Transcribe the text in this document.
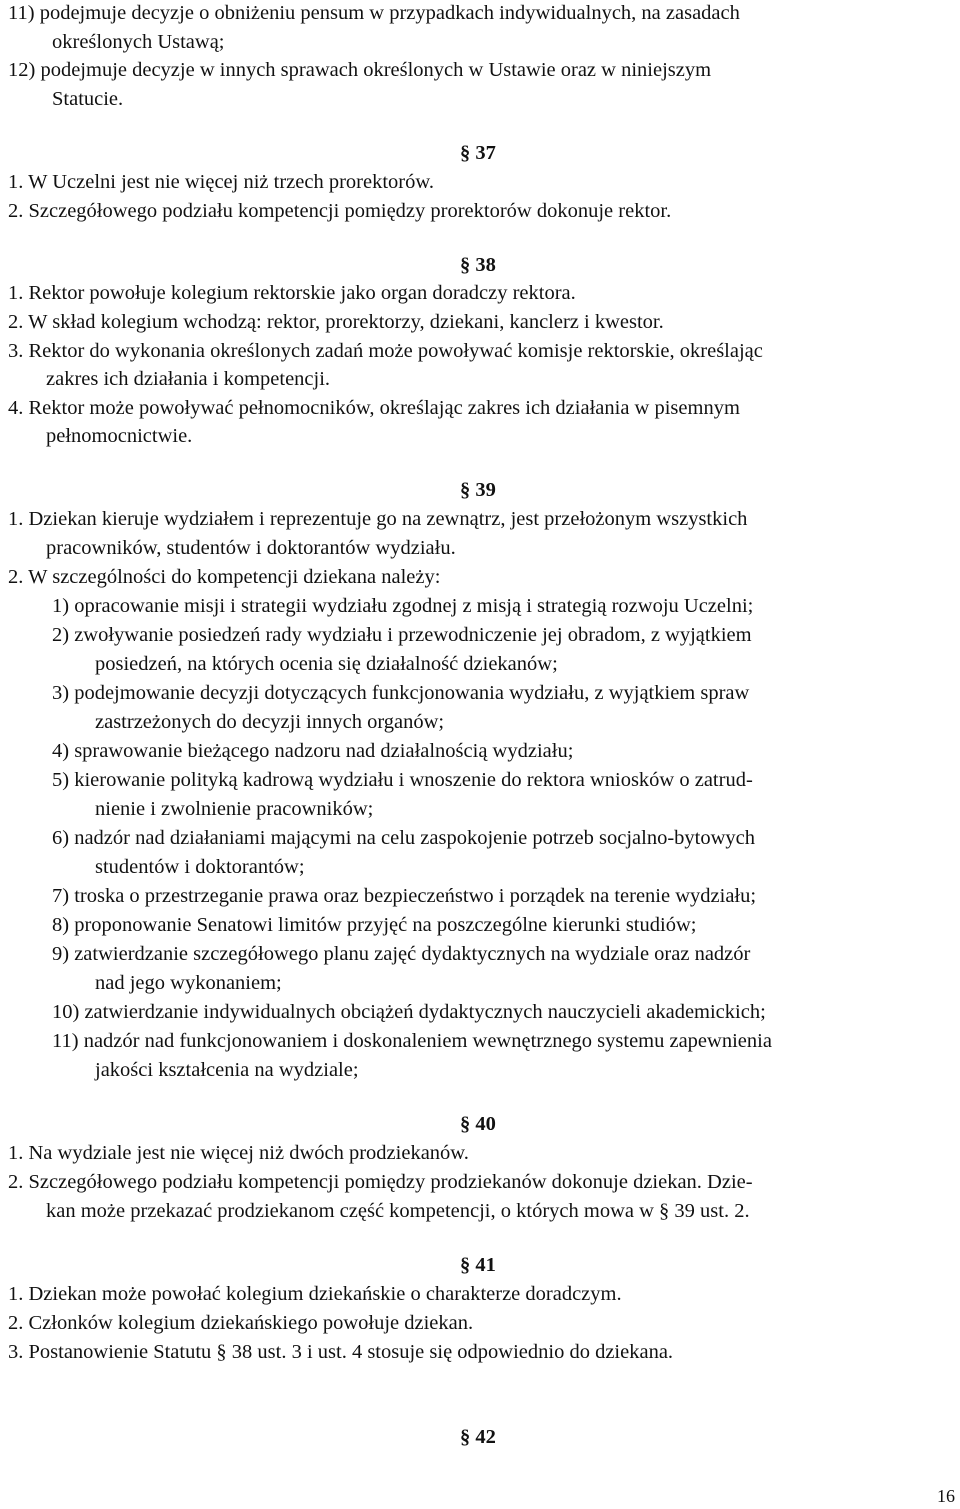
11) podejmuje decyzje o obniżeniu pensum w przypadkach indywidualnych, na zasadach
określonych Ustawą;
12) podejmuje decyzje w innych sprawach określonych w Ustawie oraz w niniejszym
Statucie.
§ 37
1. W Uczelni jest nie więcej niż trzech prorektorów.
2. Szczegółowego podziału kompetencji pomiędzy prorektorów dokonuje rektor.
§ 38
1. Rektor powołuje kolegium rektorskie jako organ doradczy rektora.
2. W skład kolegium wchodzą: rektor, prorektorzy, dziekani, kanclerz i kwestor.
3. Rektor do wykonania określonych zadań może powoływać komisje rektorskie, określając
zakres ich działania i kompetencji.
4. Rektor może powoływać pełnomocników, określając zakres ich działania w pisemnym
pełnomocnictwie.
§ 39
1. Dziekan kieruje wydziałem i reprezentuje go na zewnątrz, jest przełożonym wszystkich
pracowników, studentów i doktorantów wydziału.
2. W szczególności do kompetencji dziekana należy:
1) opracowanie misji i strategii wydziału zgodnej z misją i strategią rozwoju Uczelni;
2) zwoływanie posiedzeń rady wydziału i przewodniczenie jej obradom, z wyjątkiem
posiedzeń, na których ocenia się działalność dziekanów;
3) podejmowanie decyzji dotyczących funkcjonowania wydziału, z wyjątkiem spraw
zastrzeżonych do decyzji innych organów;
4) sprawowanie bieżącego nadzoru nad działalnością wydziału;
5) kierowanie polityką kadrową wydziału i wnoszenie do rektora wniosków o zatrud-
nienie i zwolnienie pracowników;
6) nadzór nad działaniami mającymi na celu zaspokojenie potrzeb socjalno-bytowych
studentów i doktorantów;
7) troska o przestrzeganie prawa oraz bezpieczeństwo i porządek na terenie wydziału;
8) proponowanie Senatowi limitów przyjęć na poszczególne kierunki studiów;
9) zatwierdzanie szczegółowego planu zajęć dydaktycznych na wydziale oraz nadzór
nad jego wykonaniem;
10) zatwierdzanie indywidualnych obciążeń dydaktycznych nauczycieli akademickich;
11) nadzór nad funkcjonowaniem i doskonaleniem wewnętrznego systemu zapewnienia
jakości kształcenia na wydziale;
§ 40
1. Na wydziale jest nie więcej niż dwóch prodziekanów.
2. Szczegółowego podziału kompetencji pomiędzy prodziekanów dokonuje dziekan. Dzie-
kan może przekazać prodziekanom część kompetencji, o których mowa w § 39 ust. 2.
§ 41
1. Dziekan może powołać kolegium dziekańskie o charakterze doradczym.
2. Członków kolegium dziekańskiego powołuje dziekan.
3. Postanowienie Statutu § 38 ust. 3 i ust. 4 stosuje się odpowiednio do dziekana.
§ 42
16
